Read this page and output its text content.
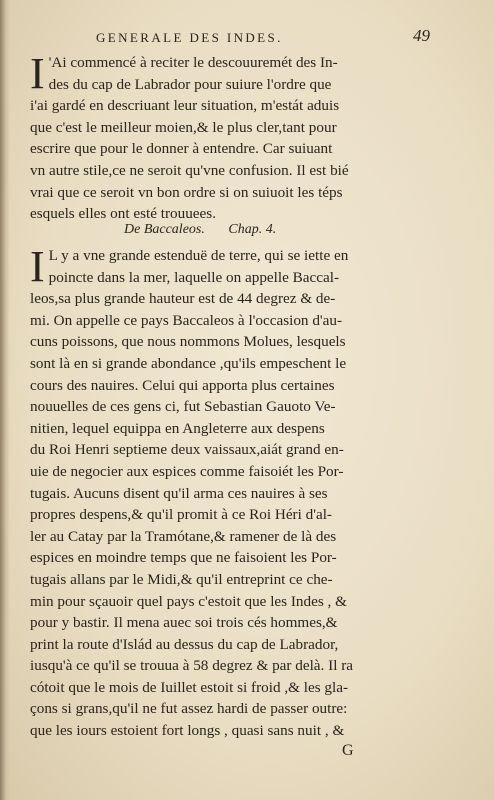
GENERALE DES INDES.	49
I 'Ai commencé à reciter le descouuremét des In-
des du cap de Labrador pour suiure l'ordre que
i'ai gardé en descriuant leur situation, m'estát aduis
que c'est le meilleur moien,& le plus cler,tant pour
escrire que pour le donner à entendre. Car suiuant
vn autre stile,ce ne seroit qu'vne confusion. Il est bié
vrai que ce seroit vn bon ordre si on suiuoit les téps
esquels elles ont esté trouuees.
De Baccaleos. Chap. 4.
I L y a vne grande estenduë de terre, qui se iette en
poincte dans la mer, laquelle on appelle Baccal-
leos,sa plus grande hauteur est de 44 degrez & de-
mi. On appelle ce pays Baccaleos à l'occasion d'au-
cuns poissons, que nous nommons Molues, lesquels
sont là en si grande abondance ,qu'ils empeschent le
cours des nauires. Celui qui apporta plus certaines
nouuelles de ces gens ci, fut Sebastian Gauoto Ve-
nitien, lequel equippa en Angleterre aux despens
du Roi Henri septieme deux vaissaux,aiát grand en-
uie de negocier aux espices comme faisoiét les Por-
tugais. Aucuns disent qu'il arma ces nauires à ses
propres despens,& qu'il promit à ce Roi Héri d'al-
ler au Catay par la Tramótane,& ramener de là des
espices en moindre temps que ne faisoient les Por-
tugais allans par le Midi,& qu'il entreprint ce che-
min pour sçauoir quel pays c'estoit que les Indes , &
pour y bastir. Il mena auec soi trois cés hommes,&
print la route d'Islád au dessus du cap de Labrador,
iusqu'à ce qu'il se trouua à 58 degrez & par delà. Il ra
cótoit que le mois de Iuillet estoit si froid ,& les gla-
çons si grans,qu'il ne fut assez hardi de passer outre:
que les iours estoient fort longs , quasi sans nuit , &
G
